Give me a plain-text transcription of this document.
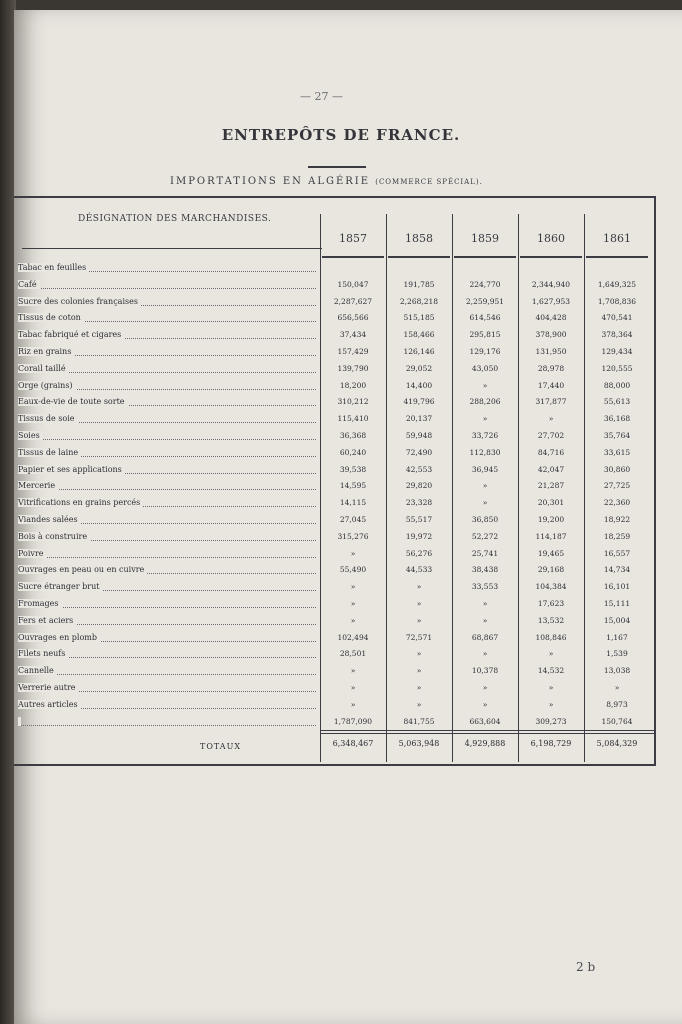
— 27 —
ENTREPÔTS DE FRANCE.
IMPORTATIONS EN ALGÉRIE (COMMERCE SPÉCIAL).
DÉSIGNATION DES MARCHANDISES.
1857	1858	1859	1860	1861
Tabac en feuilles
Café	150,047	191,785	224,770	2,344,940	1,649,325
Sucre des colonies françaises	2,287,627	2,268,218	2,259,951	1,627,953	1,708,836
Tissus de coton	656,566	515,185	614,546	404,428	470,541
Tabac fabriqué et cigares	37,434	158,466	295,815	378,900	378,364
Riz en grains	157,429	126,146	129,176	131,950	129,434
Corail taillé	139,790	29,052	43,050	28,978	120,555
Orge (grains)	18,200	14,400	»	17,440	88,000
Eaux-de-vie de toute sorte	310,212	419,796	288,206	317,877	55,613
Tissus de soie	115,410	20,137	»	»	36,168
Soies	36,368	59,948	33,726	27,702	35,764
Tissus de laine	60,240	72,490	112,830	84,716	33,615
Papier et ses applications	39,538	42,553	36,945	42,047	30,860
Mercerie	14,595	29,820	»	21,287	27,725
Vitrifications en grains percés	14,115	23,328	»	20,301	22,360
Viandes salées	27,045	55,517	36,850	19,200	18,922
Bois à construire	315,276	19,972	52,272	114,187	18,259
Poivre	»	56,276	25,741	19,465	16,557
Ouvrages en peau ou en cuivre	55,490	44,533	38,438	29,168	14,734
Sucre étranger brut	»	»	33,553	104,384	16,101
Fromages	»	»	»	17,623	15,111
Fers et aciers	»	»	»	13,532	15,004
Ouvrages en plomb	102,494	72,571	68,867	108,846	1,167
Filets neufs	28,501	»	»	»	1,539
Cannelle	»	»	10,378	14,532	13,038
Verrerie autre	»	»	»	»	»
Autres articles	»	»	»	»	8,973
1,787,090	841,755	663,604	309,273	150,764
TOTAUX	6,348,467	5,063,948	4,929,888	6,198,729	5,084,329
2 b
